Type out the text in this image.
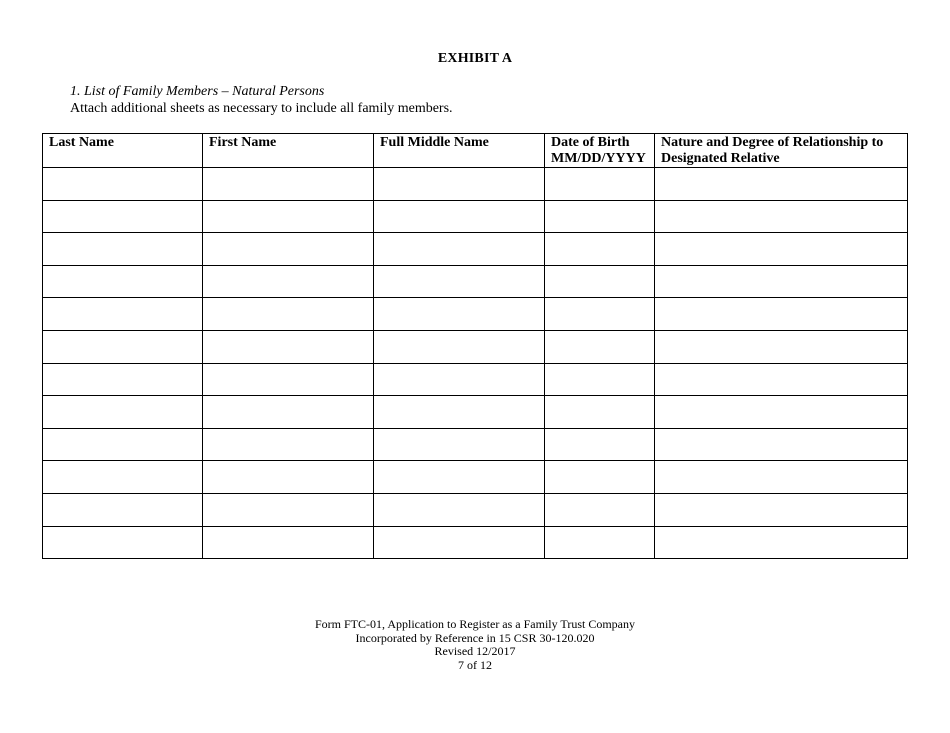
EXHIBIT A
1. List of Family Members – Natural Persons
Attach additional sheets as necessary to include all family members.
Last Name	First Name	Full Middle Name	Date of Birth MM/DD/YYYY	Nature and Degree of Relationship to Designated Relative

Form FTC-01, Application to Register as a Family Trust Company
Incorporated by Reference in 15 CSR 30-120.020
Revised 12/2017
7 of 12
